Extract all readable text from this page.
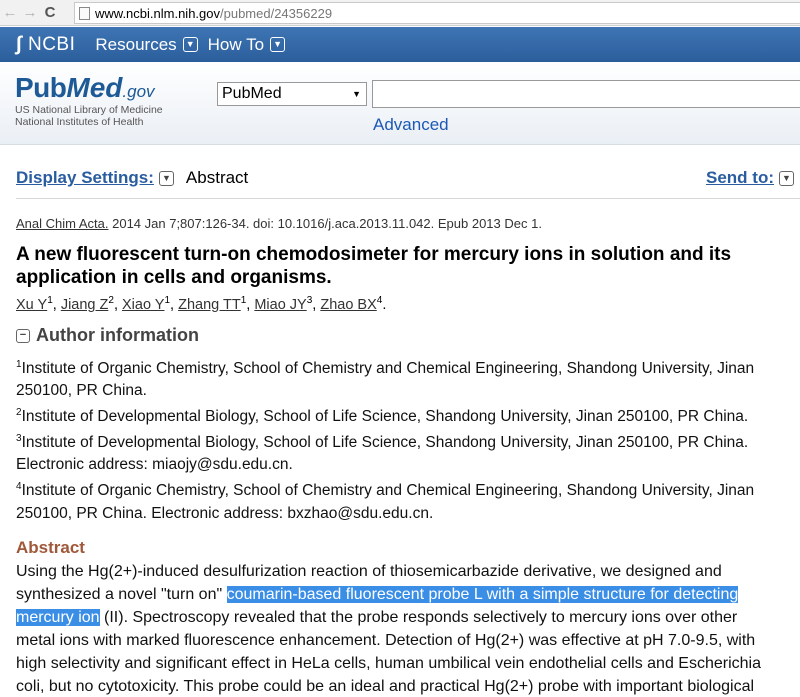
← → C	www.ncbi.nlm.nih.gov /pubmed/24356229
∫ NCBI Resources	▼ How To	▼
PubMed.gov
US National Library of Medicine
National Institutes of Health
PubMed	▼
Advanced
Display Settings: ▼ Abstract	Send to: ▼
Anal Chim Acta. 2014 Jan 7;807:126-34. doi: 10.1016/j.aca.2013.11.042. Epub 2013 Dec 1.
A new fluorescent turn-on chemodosimeter for mercury ions in solution and its
application in cells and organisms.
Xu $Y^1$, Jiang $Z^2$, Xiao $Y^1$, Zhang $TT^1$, Miao $JY^3$, Zhao $BX^4$.
− Author information
$^1$Institute of Organic Chemistry, School of Chemistry and Chemical Engineering, Shandong University, Jinan
250100, PR China.
$^2$Institute of Developmental Biology, School of Life Science, Shandong University, Jinan 250100, PR China.
$^3$Institute of Developmental Biology, School of Life Science, Shandong University, Jinan 250100, PR China.
Electronic address: miaojy@sdu.edu.cn.
$^4$Institute of Organic Chemistry, School of Chemistry and Chemical Engineering, Shandong University, Jinan
250100, PR China. Electronic address: bxzhao@sdu.edu.cn.
Abstract
Using the Hg(2+)-induced desulfurization reaction of thiosemicarbazide derivative, we designed and
synthesized a novel "turn on" coumarin-based fluorescent probe L with a simple structure for detecting
mercury ion (II). Spectroscopy revealed that the probe responds selectively to mercury ions over other
metal ions with marked fluorescence enhancement. Detection of Hg(2+) was effective at pH 7.0-9.5, with
high selectivity and significant effect in HeLa cells, human umbilical vein endothelial cells and Escherichia
coli, but no cytotoxicity. This probe could be an ideal and practical Hg(2+) probe with important biological
